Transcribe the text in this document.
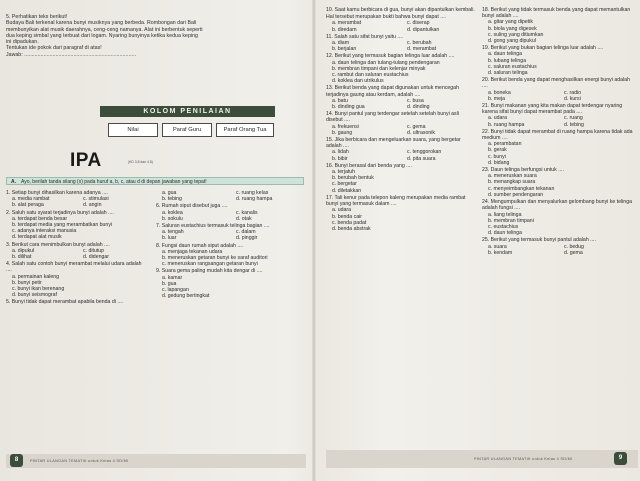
5. Perhatikan teks berikut!
Budaya Bali terkenal karena bunyi musiknya yang berbeda. Rombongan dari Bali
membunyikan alat musik daerahnya, ceng-ceng namanya. Alat ini berbentuk seperti
dua keping simbal yang terbuat dari logam. Nyaring bunyinya ketika kedua keping
ini dipadukan.
Tentukan ide pokok dari paragraf di atas!
Jawab: ...........................................................................
KOLOM PENILAIAN
Nilai	Paraf Guru	Paraf Orang Tua
IPA	(KD 3.8 dan 4.8)
A. Ayo, berilah tanda silang (x) pada huruf a, b, c, atau d di depan jawaban yang tepat!
1. Setiap bunyi dihasilkan karena adanya ....
a. media rambat	c. stimulasi
b. alat peraga	d. angin
2. Saluh satu syarat terjadinya bunyi adalah ....
a. terdapat benda besar
b. terdapat media yang merambatkan bunyi
c. adanya interaksi manusia
d. terdapat alat musik
3. Berikut cara menimbulkan bunyi adalah ....
a. dipukul	c. ditutup
b. dilihat	d. didengar
4. Salah satu contoh bunyi merambat melalui udara adalah ....
a. permainan kaleng
b. bunyi petir
c. bunyi ikan berenang
d. bunyi seismograf
5. Bunyi tidak dapat merambat apabila benda di ....
a. gua	c. ruang kelas
b. tebing	d. ruang hampa
6. Rumah siput disebut juga ....
a. koklea	c. kanalis
b. sokulu	d. otak
7. Saluran eustachius termasuk telinga bagian ....
a. tengah	c. dalam
b. luar	d. pinggir
8. Fungsi daun rumah siput adalah ....
a. menjaga tekanan udara
b. meneruskan getaran bunyi ke saraf auditori
c. meneruskan rangsangan getaran bunyi
9. Suara gema paling mudah kita dengar di ....
a. kamar
b. gua
c. lapangan
d. gedung bertingkat
10. Saat kamu berbicara di gua, bunyi akan dipantulkan kembali.
Hal tersebut merupakan bukti bahwa bunyi dapat ....
a. merambat	c. diserap
b. diredam	d. dipantulkan
11. Salah satu sifat bunyi yaitu ....
a. diam	c. berubah
b. berjalan	d. merambat
12. Berikut yang termasuk bagian telinga luar adalah ....
a. daun telinga dan tulang-tulang pendengaran
b. membran timpani dan kelenjar minyak
c. rambut dan saluran eustachius
d. koklea dan utrikulus
13. Berikut benda yang dapat digunakan untuk mencegah terjadinya gaung atau kerdam, adalah ....
a. batu	c. busa
b. dinding gua	d. dinding
14. Bunyi pantul yang terdengar setelah setelah bunyi asli disebut ....
a. frekuensi	c. gema
b. gaung	d. ultrasonik
15. Jika berbicara dan mengeluarkan suara, yang bergetar adalah ....
a. lidah	c. tenggorokan
b. bibir	d. pita suara
16. Bunyi berasal dari benda yang ....
a. terjatuh
b. berubah bentuk
c. bergetar
d. diletakkan
17. Tali kenur pada telepon kaleng merupakan media rambat bunyi yang termasuk dalam ....
a. udara
b. benda cair
c. benda padat
d. benda abstrak
18. Berikut yang tidak termasuk benda yang dapat memantulkan bunyi adalah ....
a. gitar yang dipetik
b. biola yang digesek
c. suling yang ditiumkan
d. gong yang dipukul
19. Berikut yang bukan bagian telinga luar adalah ....
a. daun telinga
b. lubang telinga
c. saluran eustachius
d. saluran telinga
20. Berikut benda yang dapat menghasilkan energi bunyi adalah ....
a. boneka	c. radio
b. meja	d. kursi
21. Bunyi makanan yang kita makan dapat terdengar nyaring karena sifat bunyi dapat merambat pada ....
a. udara	c. ruang
b. ruang hampa	d. tebing
22. Bunyi tidak dapat merambat di ruang hampa karena tidak ada medium ....
a. perambatan
b. gerak
c. bunyi
d. bidang
23. Daun telinga berfungsi untuk ....
a. meneruskan suara
b. menangkap suara
c. menyeimbangkan tekanan
d. sumber pendengaran
24. Mengumpulkan dan menyalurkan gelombang bunyi ke telinga adalah fungsi ....
a. liang telinga
b. membran timpani
c. eustachius
d. daun telinga
25. Berikut yang termasuk bunyi pantul adalah ....
a. suara	c. bedug
b. kendam	d. gema
8	PINTAR ULANGAN TEMATIK untuk Kelas 4 SD/MI	PINTAR ULANGAN TEMATIK untuk Kelas 4 SD/MI	9
